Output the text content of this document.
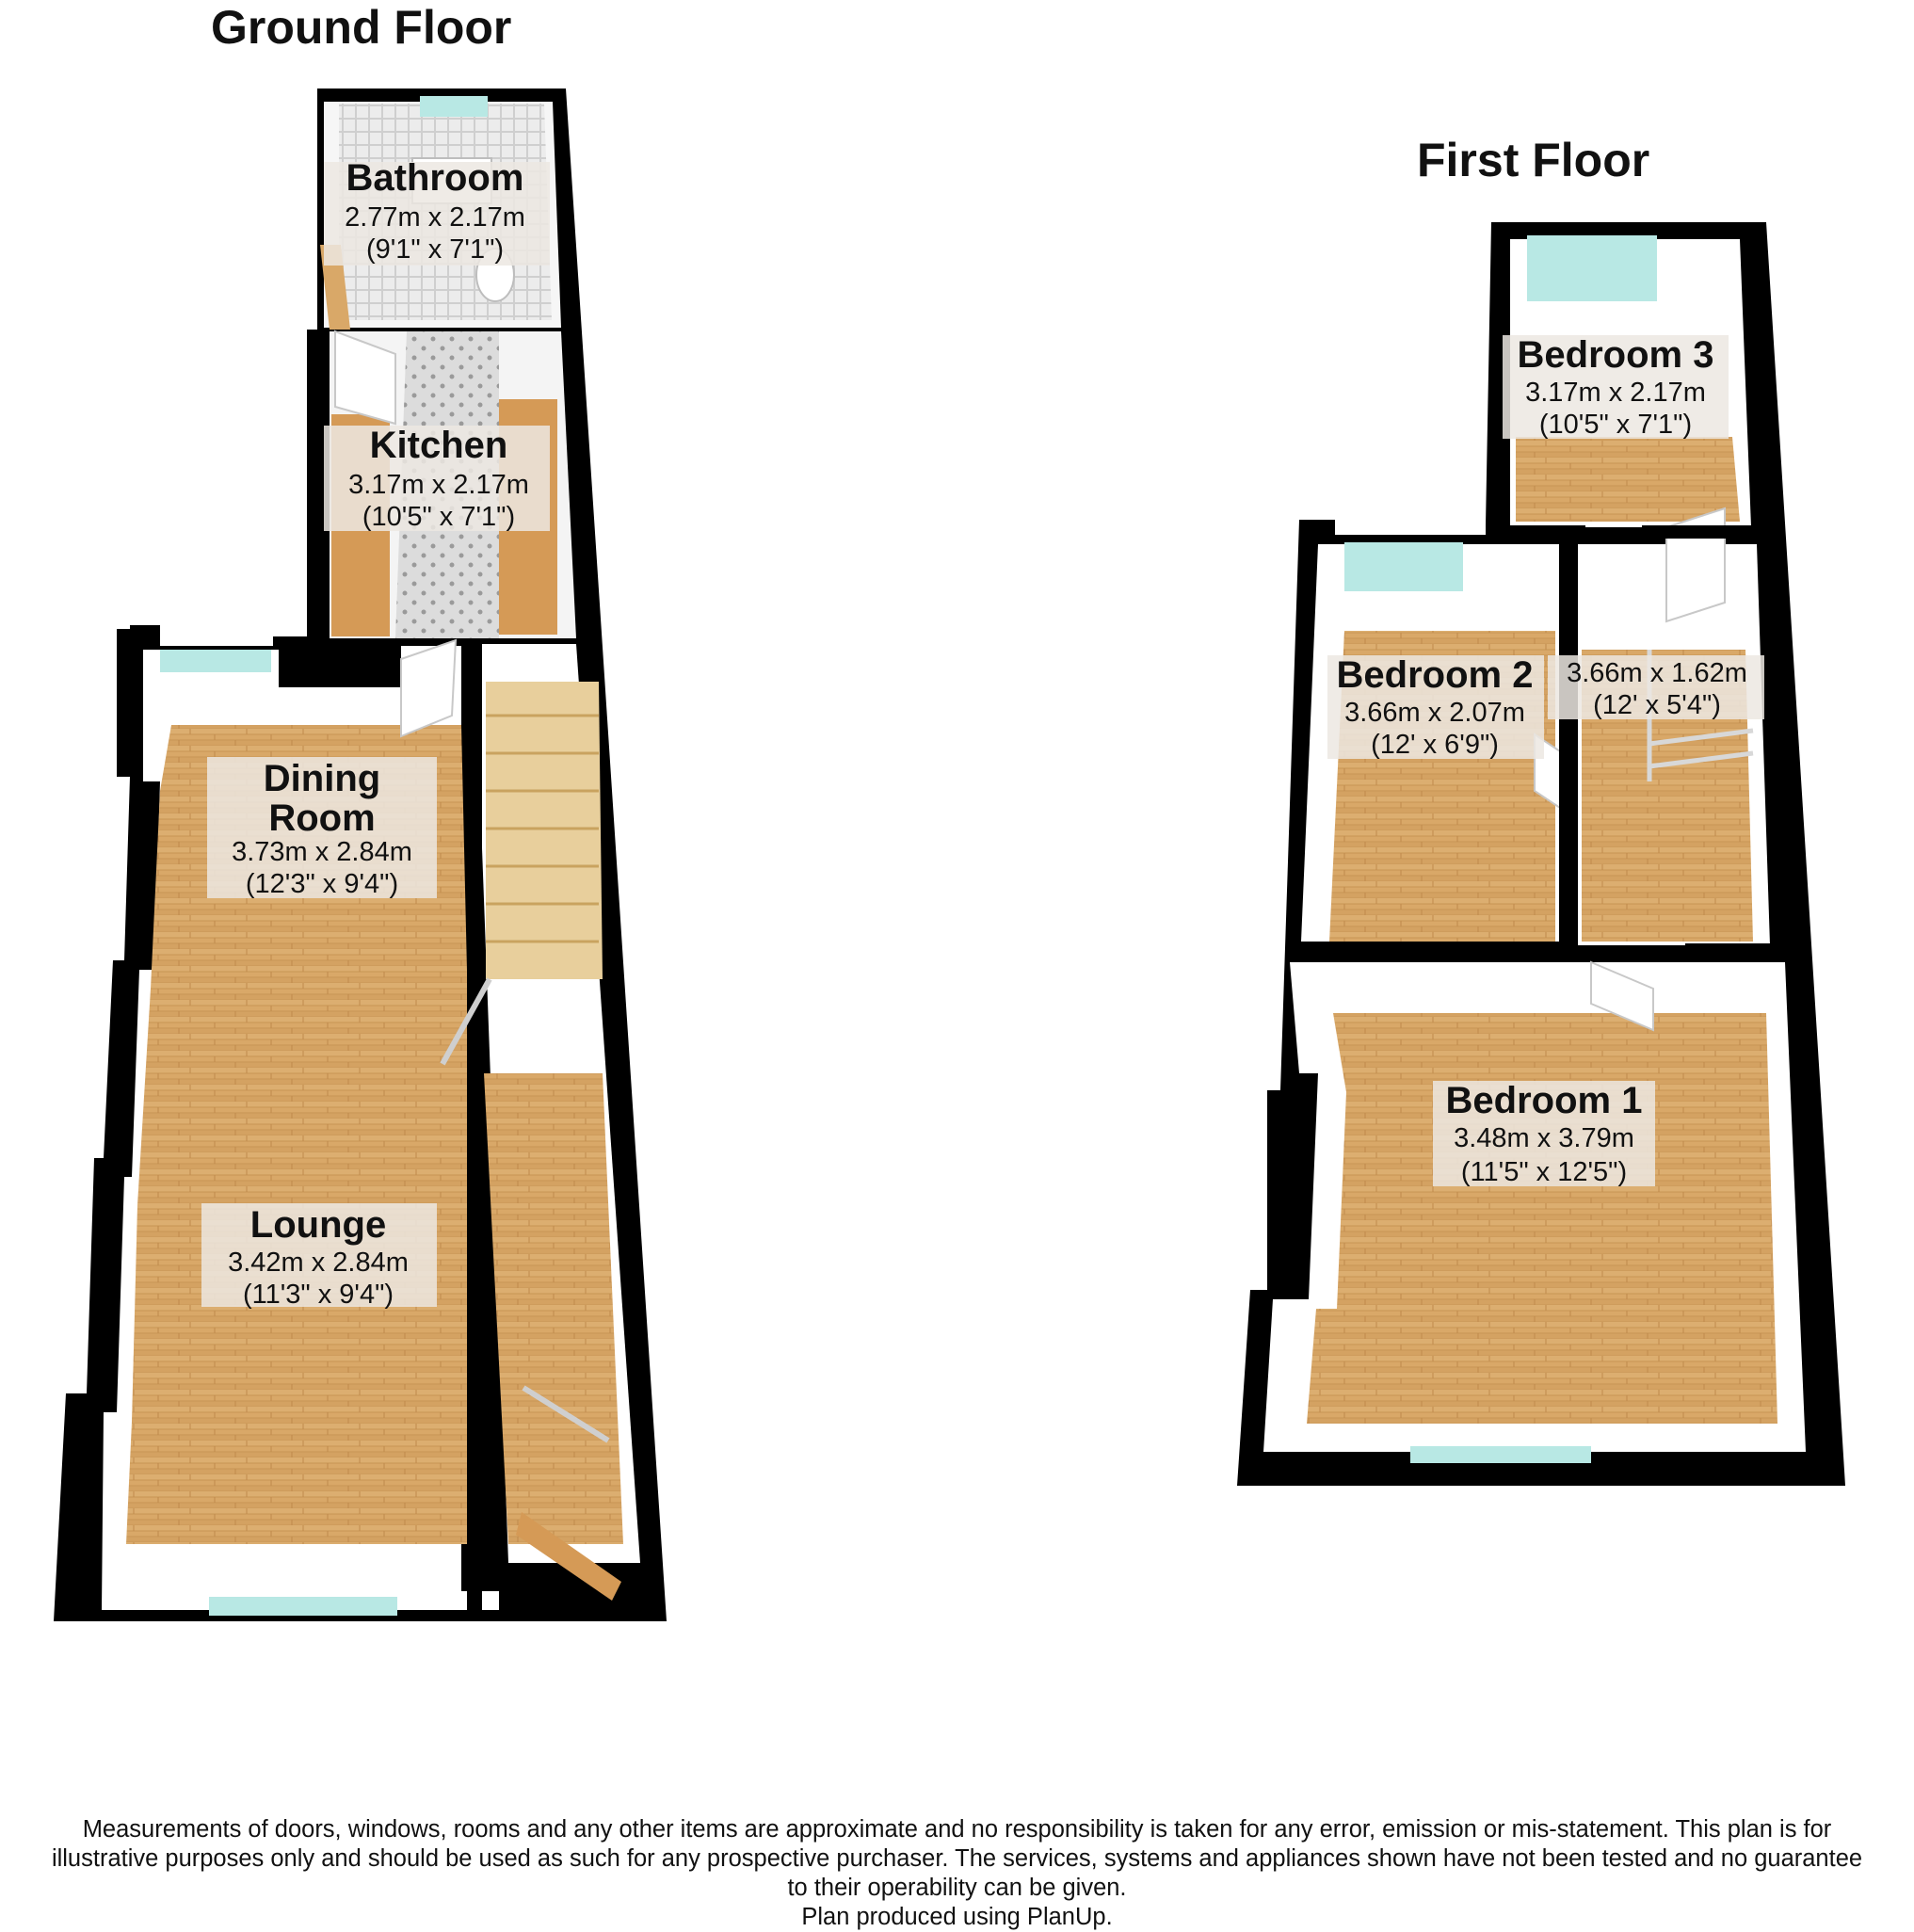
Ground Floor
First Floor
Bathroom
2.77m x 2.17m
(9'1" x 7'1")
Kitchen
3.17m x 2.17m
(10'5" x 7'1")
Dining
Room
3.73m x 2.84m
(12'3" x 9'4")
Lounge
3.42m x 2.84m
(11'3" x 9'4")
Bedroom 3
3.17m x 2.17m
(10'5" x 7'1")
Bedroom 2
3.66m x 2.07m
(12' x 6'9")
3.66m x 1.62m
(12' x 5'4")
Bedroom 1
3.48m x 3.79m
(11'5" x 12'5")
Measurements of doors, windows, rooms and any other items are approximate and no responsibility is taken for any error, emission or mis-statement. This plan is for
illustrative purposes only and should be used as such for any prospective purchaser. The services, systems and appliances shown have not been tested and no guarantee
to their operability can be given.
Plan produced using PlanUp.
